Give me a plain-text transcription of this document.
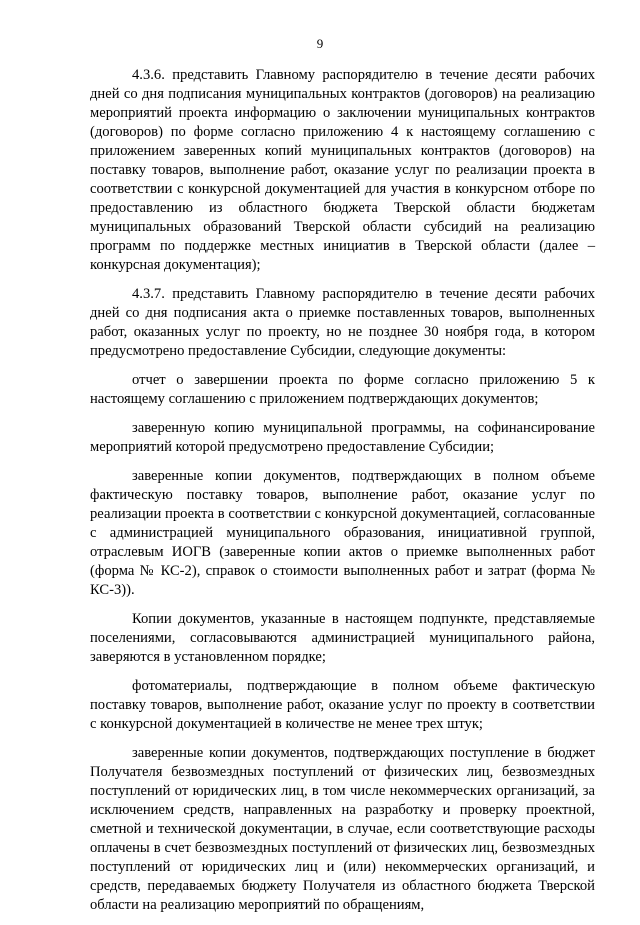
9

4.3.6. представить Главному распорядителю в течение десяти рабочих дней со дня подписания муниципальных контрактов (договоров) на реализацию мероприятий проекта информацию о заключении муниципальных контрактов (договоров) по форме согласно приложению 4 к настоящему соглашению с приложением заверенных копий муниципальных контрактов (договоров) на поставку товаров, выполнение работ, оказание услуг по реализации проекта в соответствии с конкурсной документацией для участия в конкурсном отборе по предоставлению из областного бюджета Тверской области бюджетам муниципальных образований Тверской области субсидий на реализацию программ по поддержке местных инициатив в Тверской области (далее – конкурсная документация);

4.3.7. представить Главному распорядителю в течение десяти рабочих дней со дня подписания акта о приемке поставленных товаров, выполненных работ, оказанных услуг по проекту, но не позднее 30 ноября года, в котором предусмотрено предоставление Субсидии, следующие документы:

отчет о завершении проекта по форме согласно приложению 5 к настоящему соглашению с приложением подтверждающих документов;

заверенную копию муниципальной программы, на софинансирование мероприятий которой предусмотрено предоставление Субсидии;

заверенные копии документов, подтверждающих в полном объеме фактическую поставку товаров, выполнение работ, оказание услуг по реализации проекта в соответствии с конкурсной документацией, согласованные с администрацией муниципального образования, инициативной группой, отраслевым ИОГВ (заверенные копии актов о приемке выполненных работ (форма № КС-2), справок о стоимости выполненных работ и затрат (форма № КС-3)).

Копии документов, указанные в настоящем подпункте, представляемые поселениями, согласовываются администрацией муниципального района, заверяются в установленном порядке;

фотоматериалы, подтверждающие в полном объеме фактическую поставку товаров, выполнение работ, оказание услуг по проекту в соответствии с конкурсной документацией в количестве не менее трех штук;

заверенные копии документов, подтверждающих поступление в бюджет Получателя безвозмездных поступлений от физических лиц, безвозмездных поступлений от юридических лиц, в том числе некоммерческих организаций, за исключением средств, направленных на разработку и проверку проектной, сметной и технической документации, в случае, если соответствующие расходы оплачены в счет безвозмездных поступлений от физических лиц, безвозмездных поступлений от юридических лиц и (или) некоммерческих организаций, и средств, передаваемых бюджету Получателя из областного бюджета Тверской области на реализацию мероприятий по обращениям,
